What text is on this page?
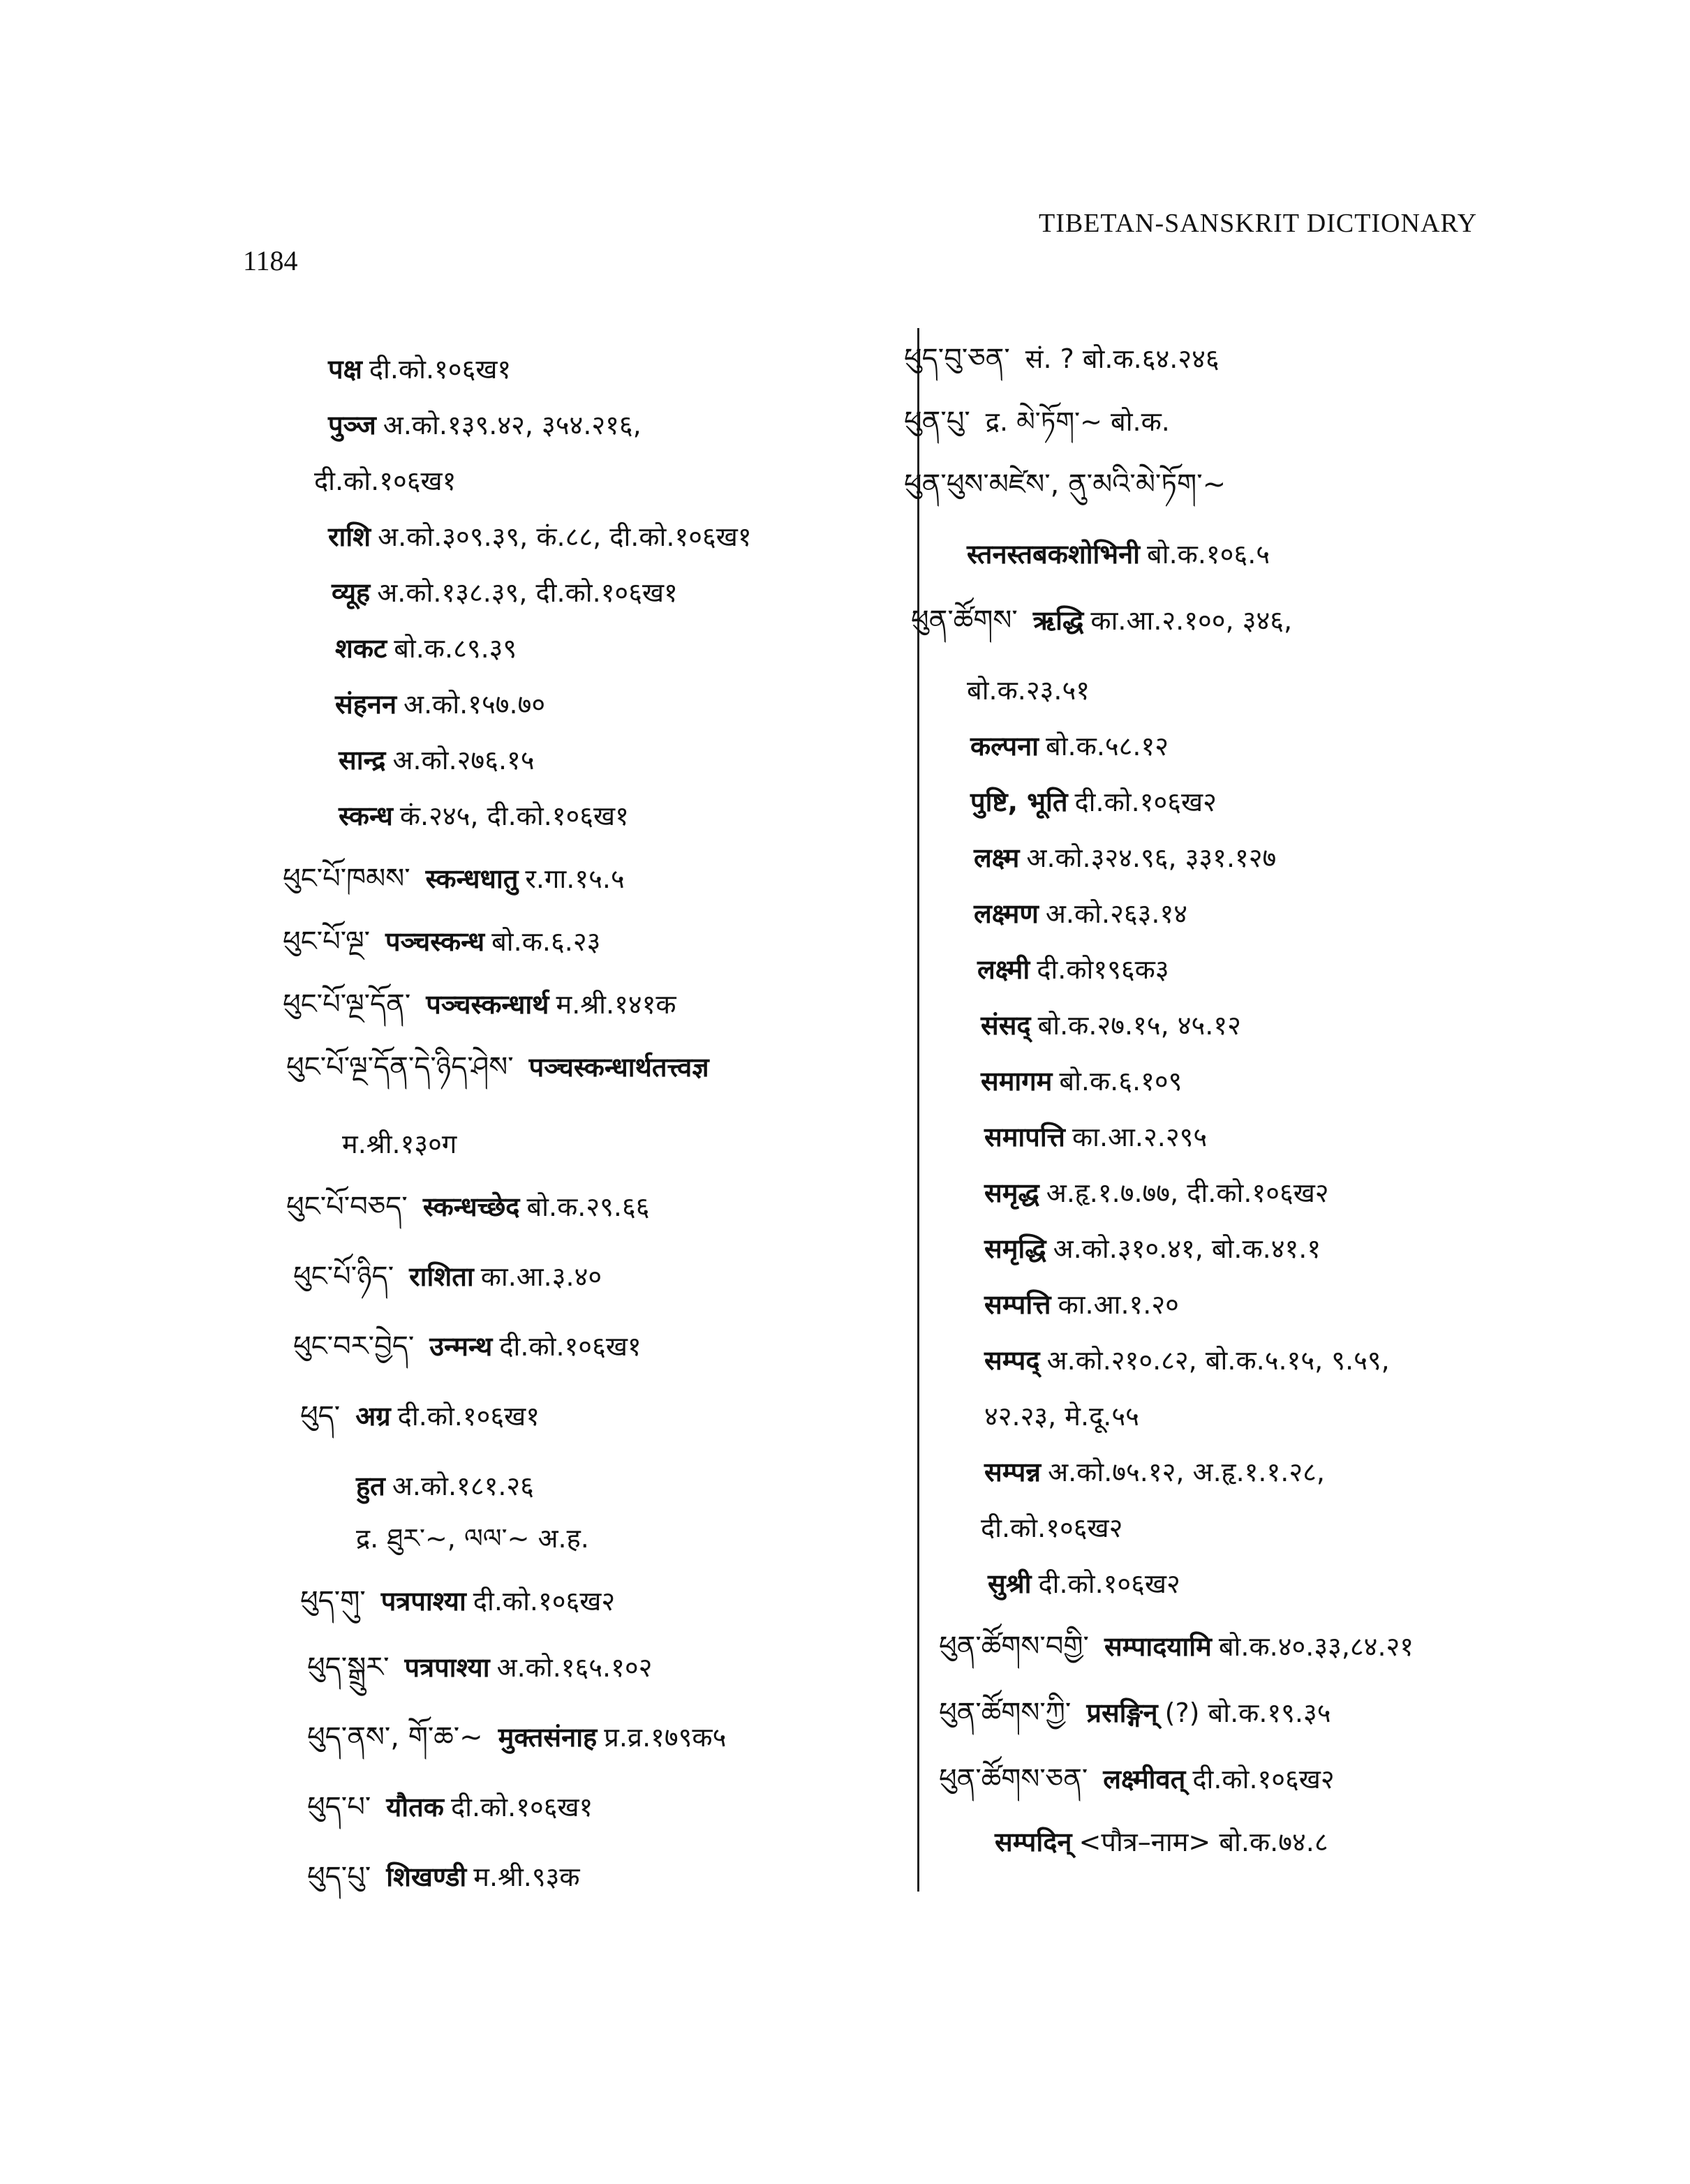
1184
TIBETAN-SANSKRIT DICTIONARY
पक्ष दी.को.१०६ख१
पुञ्ज अ.को.१३९.४२, ३५४.२१६,
दी.को.१०६ख१
राशि अ.को.३०९.३९, कं.८८, दी.को.१०६ख१
व्यूह अ.को.१३८.३९, दी.को.१०६ख१
शकट बो.क.८९.३९
संहनन अ.को.१५७.७०
सान्द्र अ.को.२७६.१५
स्कन्ध कं.२४५, दी.को.१०६ख१
ཕུང་པོ་ཁམས་ स्कन्धधातु र.गा.१५.५
ཕུང་པོ་ལྔ་ पञ्चस्कन्ध बो.क.६.२३
ཕུང་པོ་ལྔ་དོན་ पञ्चस्कन्धार्थ म.श्री.१४१क
ཕུང་པོ་ལྔ་དོན་དེ་ཉིད་ཤེས་ पञ्चस्कन्धार्थतत्त्वज्ञ
म.श्री.१३०ग
ཕུང་པོ་བཅད་ स्कन्धच्छेद बो.क.२९.६६
ཕུང་པོ་ཉིད་ राशिता का.आ.३.४०
ཕུང་བར་བྱེད་ उन्मन्थ दी.को.१०६ख१
ཕུད་ अग्र दी.को.१०६ख१
हुत अ.को.१८१.२६
द्र. ཐུར་~, ལལ་~ अ.ह.
ཕུད་གུ་ पत्रपाश्या दी.को.१०६ख२
ཕུད་སྒྲུར་ पत्रपाश्या अ.को.१६५.१०२
ཕུད་ནས་, གོ་ཆ་~ मुक्तसंनाह प्र.व्र.१७९क५
ཕུད་པ་ यौतक दी.को.१०६ख१
ཕུད་པུ་ शिखण्डी म.श्री.९३क
ཕུད་བུ་ཅན་ सं. ? बो.क.६४.२४६
ཕུན་པུ་ द्र. མེ་ཏོག་~ बो.क.
ཕུན་ཕུས་མཛེས་, ནུ་མའི་མེ་ཏོག་~
स्तनस्तबकशोभिनी बो.क.१०६.५
ཕུན་ཚོགས་ ऋद्धि का.आ.२.१००, ३४६,
बो.क.२३.५१
कल्पना बो.क.५८.१२
पुष्टि, भूति दी.को.१०६ख२
लक्ष्म अ.को.३२४.९६, ३३१.१२७
लक्ष्मण अ.को.२६३.१४
लक्ष्मी दी.को१९६क३
संसद् बो.क.२७.१५, ४५.१२
समागम बो.क.६.१०९
समापत्ति का.आ.२.२९५
समृद्ध अ.हृ.१.७.७७, दी.को.१०६ख२
समृद्धि अ.को.३१०.४१, बो.क.४१.१
सम्पत्ति का.आ.१.२०
सम्पद् अ.को.२१०.८२, बो.क.५.१५, ९.५९,
४२.२३, मे.दू.५५
सम्पन्न अ.को.७५.१२, अ.हृ.१.१.२८,
दी.को.१०६ख२
सुश्री दी.को.१०६ख२
ཕུན་ཚོགས་བགྱི་ सम्पादयामि बो.क.४०.३३,८४.२१
ཕུན་ཚོགས་ཀྱི་ प्रसङ्गिन् (?) बो.क.१९.३५
ཕུན་ཚོགས་ཅན་ लक्ष्मीवत् दी.को.१०६ख२
सम्पदिन् <पौत्र–नाम> बो.क.७४.८
